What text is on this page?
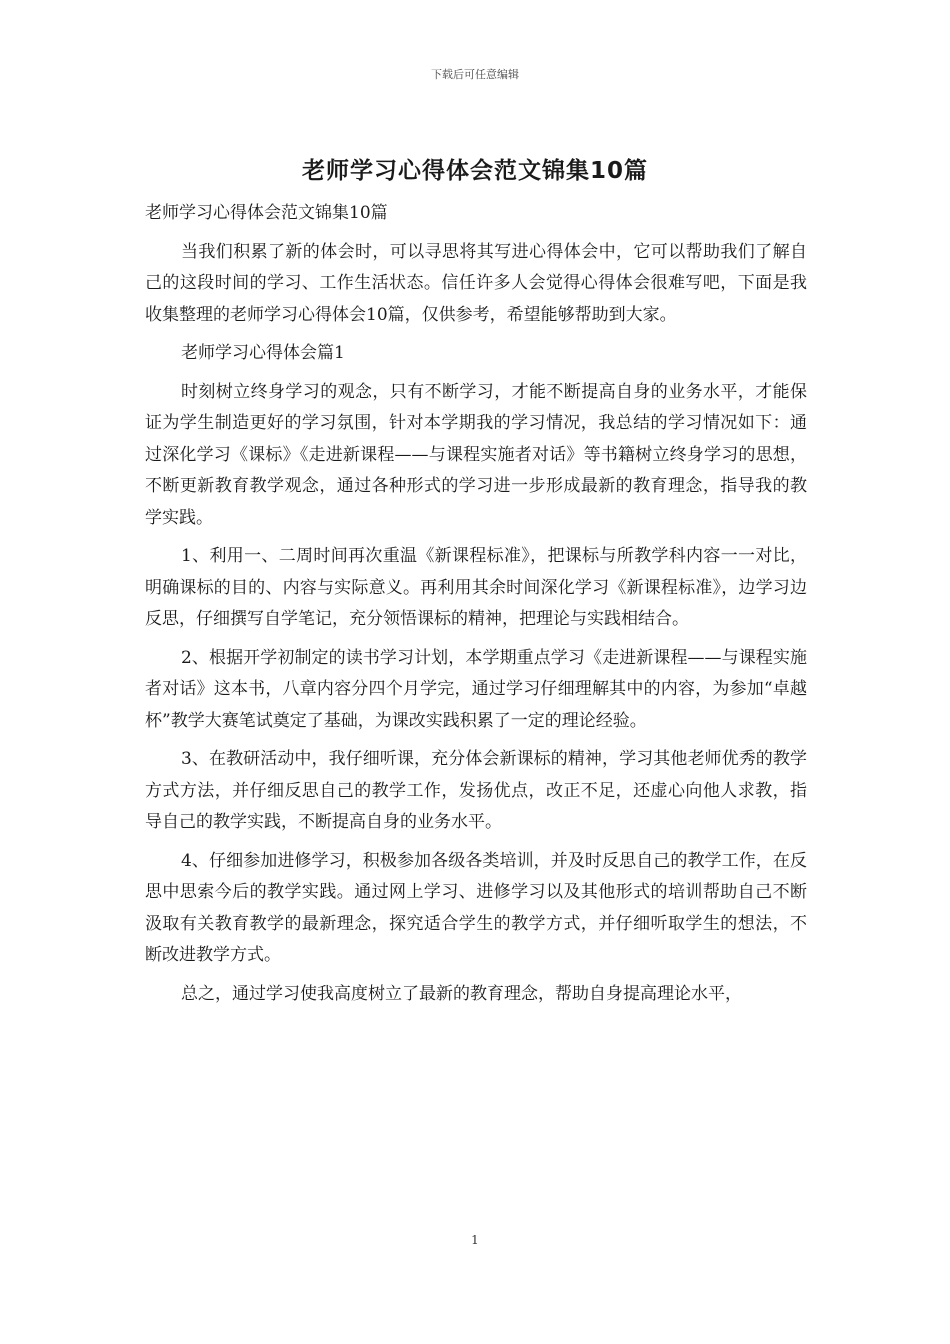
下载后可任意编辑
老师学习心得体会范文锦集10篇

老师学习心得体会范文锦集10篇

当我们积累了新的体会时，可以寻思将其写进心得体会中，它可以帮助我们了解自己的这段时间的学习、工作生活状态。信任许多人会觉得心得体会很难写吧，下面是我收集整理的老师学习心得体会10篇，仅供参考，希望能够帮助到大家。

老师学习心得体会篇1

时刻树立终身学习的观念，只有不断学习，才能不断提高自身的业务水平，才能保证为学生制造更好的学习氛围，针对本学期我的学习情况，我总结的学习情况如下：通过深化学习《课标》《走进新课程——与课程实施者对话》等书籍树立终身学习的思想，不断更新教育教学观念，通过各种形式的学习进一步形成最新的教育理念，指导我的教学实践。

1、利用一、二周时间再次重温《新课程标准》，把课标与所教学科内容一一对比，明确课标的目的、内容与实际意义。再利用其余时间深化学习《新课程标准》，边学习边反思，仔细撰写自学笔记，充分领悟课标的精神，把理论与实践相结合。

2、根据开学初制定的读书学习计划，本学期重点学习《走进新课程——与课程实施者对话》这本书，八章内容分四个月学完，通过学习仔细理解其中的内容，为参加“卓越杯”教学大赛笔试奠定了基础，为课改实践积累了一定的理论经验。

3、在教研活动中，我仔细听课，充分体会新课标的精神，学习其他老师优秀的教学方式方法，并仔细反思自己的教学工作，发扬优点，改正不足，还虚心向他人求教，指导自己的教学实践，不断提高自身的业务水平。

4、仔细参加进修学习，积极参加各级各类培训，并及时反思自己的教学工作，在反思中思索今后的教学实践。通过网上学习、进修学习以及其他形式的培训帮助自己不断汲取有关教育教学的最新理念，探究适合学生的教学方式，并仔细听取学生的想法，不断改进教学方式。

总之，通过学习使我高度树立了最新的教育理念，帮助自身提高理论水平，

1
